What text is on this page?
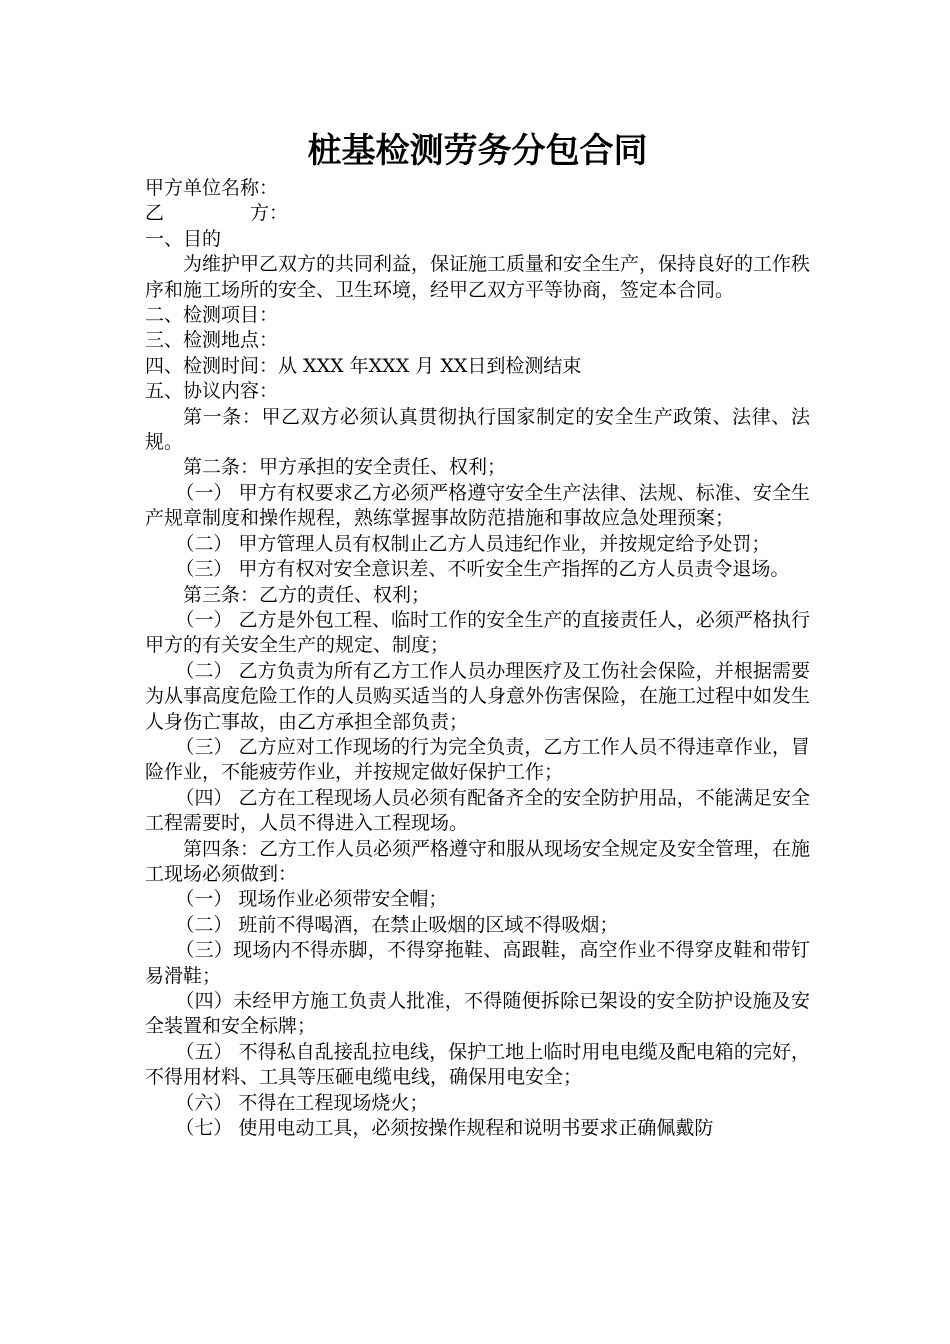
桩基检测劳务分包合同

甲方单位名称：

乙	方：

一、目的

为维护甲乙双方的共同利益，保证施工质量和安全生产，保持良好的工作秩序和施工场所的安全、卫生环境，经甲乙双方平等协商，签定本合同。

二、检测项目：

三、检测地点：

四、检测时间：从 XXX 年XXX 月 XX日到检测结束

五、协议内容：

第一条：甲乙双方必须认真贯彻执行国家制定的安全生产政策、法律、法规。

第二条：甲方承担的安全责任、权利；

（一） 甲方有权要求乙方必须严格遵守安全生产法律、法规、标准、安全生产规章制度和操作规程，熟练掌握事故防范措施和事故应急处理预案；

（二） 甲方管理人员有权制止乙方人员违纪作业，并按规定给予处罚；

（三） 甲方有权对安全意识差、不听安全生产指挥的乙方人员责令退场。

第三条：乙方的责任、权利；

（一） 乙方是外包工程、临时工作的安全生产的直接责任人，必须严格执行甲方的有关安全生产的规定、制度；

（二） 乙方负责为所有乙方工作人员办理医疗及工伤社会保险，并根据需要为从事高度危险工作的人员购买适当的人身意外伤害保险，在施工过程中如发生人身伤亡事故，由乙方承担全部负责；

（三） 乙方应对工作现场的行为完全负责，乙方工作人员不得违章作业，冒险作业，不能疲劳作业，并按规定做好保护工作；

（四） 乙方在工程现场人员必须有配备齐全的安全防护用品，不能满足安全工程需要时，人员不得进入工程现场。

第四条：乙方工作人员必须严格遵守和服从现场安全规定及安全管理，在施工现场必须做到：

（一） 现场作业必须带安全帽；

（二） 班前不得喝酒，在禁止吸烟的区域不得吸烟；

（三）现场内不得赤脚，不得穿拖鞋、高跟鞋，高空作业不得穿皮鞋和带钉易滑鞋；

（四）未经甲方施工负责人批准，不得随便拆除已架设的安全防护设施及安全装置和安全标牌；

（五） 不得私自乱接乱拉电线，保护工地上临时用电电缆及配电箱的完好，不得用材料、工具等压砸电缆电线，确保用电安全；

（六） 不得在工程现场烧火；

（七） 使用电动工具，必须按操作规程和说明书要求正确佩戴防
